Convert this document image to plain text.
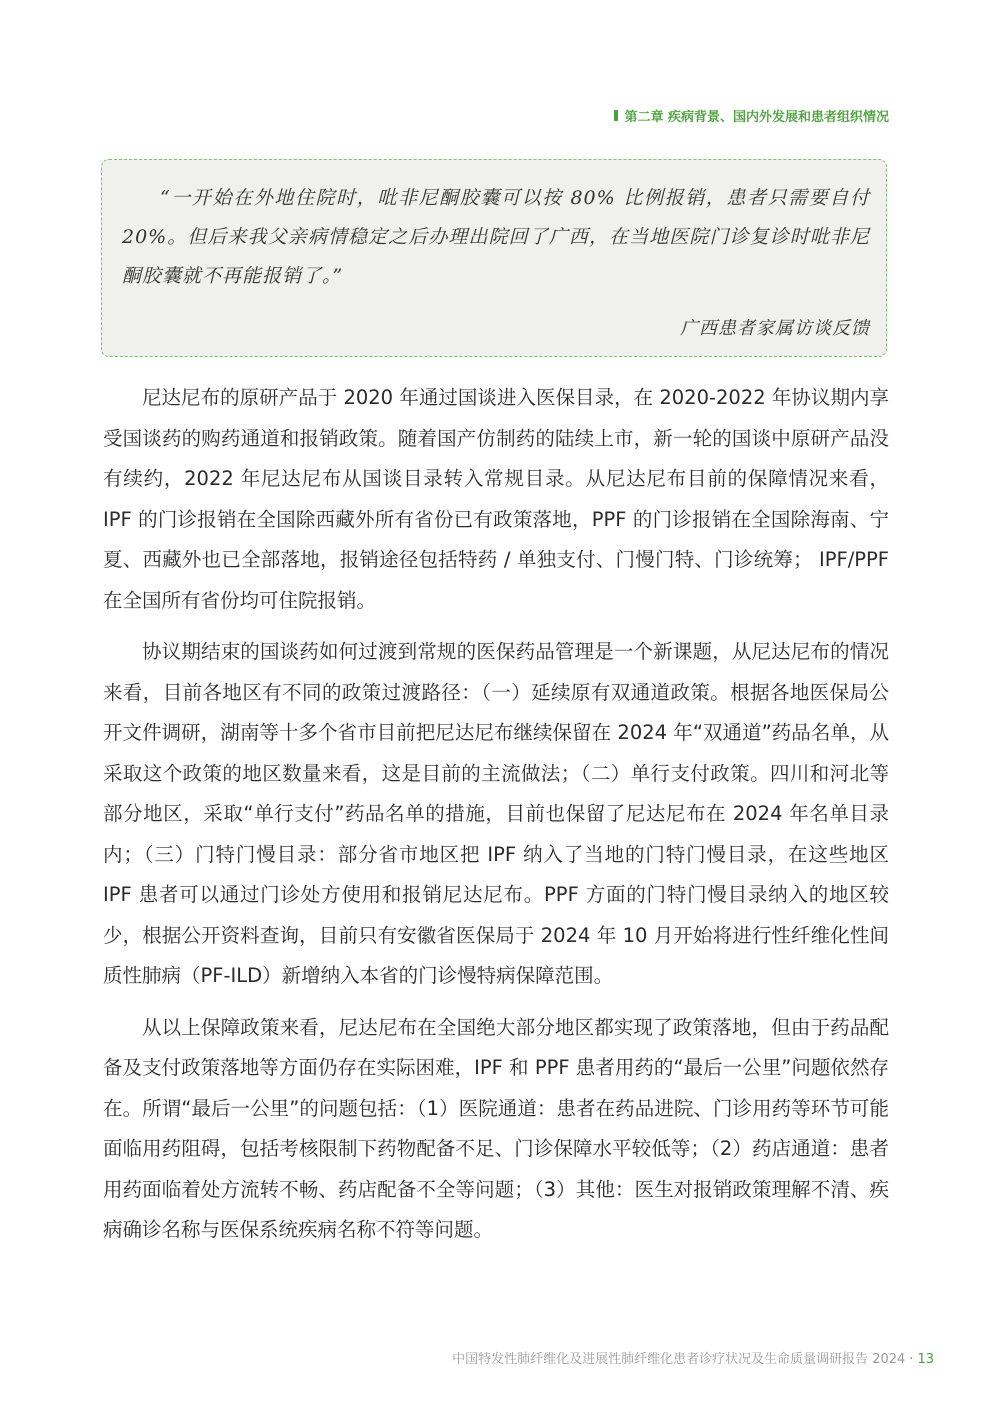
第二章 疾病背景、国内外发展和患者组织情况

“一开始在外地住院时，吡非尼酮胶囊可以按 80% 比例报销，患者只需要自付 20%。但后来我父亲病情稳定之后办理出院回了广西，在当地医院门诊复诊时吡非尼酮胶囊就不再能报销了。”

广西患者家属访谈反馈

尼达尼布的原研产品于 2020 年通过国谈进入医保目录，在 2020-2022 年协议期内享受国谈药的购药通道和报销政策。随着国产仿制药的陆续上市，新一轮的国谈中原研产品没有续约，2022 年尼达尼布从国谈目录转入常规目录。从尼达尼布目前的保障情况来看，IPF 的门诊报销在全国除西藏外所有省份已有政策落地，PPF 的门诊报销在全国除海南、宁夏、西藏外也已全部落地，报销途径包括特药 / 单独支付、门慢门特、门诊统筹； IPF/PPF 在全国所有省份均可住院报销。

协议期结束的国谈药如何过渡到常规的医保药品管理是一个新课题，从尼达尼布的情况来看，目前各地区有不同的政策过渡路径：（一）延续原有双通道政策。根据各地医保局公开文件调研，湖南等十多个省市目前把尼达尼布继续保留在 2024 年“双通道”药品名单，从采取这个政策的地区数量来看，这是目前的主流做法；（二）单行支付政策。四川和河北等部分地区，采取“单行支付”药品名单的措施，目前也保留了尼达尼布在 2024 年名单目录内；（三）门特门慢目录：部分省市地区把 IPF 纳入了当地的门特门慢目录，在这些地区 IPF 患者可以通过门诊处方使用和报销尼达尼布。PPF 方面的门特门慢目录纳入的地区较少，根据公开资料查询，目前只有安徽省医保局于 2024 年 10 月开始将进行性纤维化性间质性肺病（PF-ILD）新增纳入本省的门诊慢特病保障范围。

从以上保障政策来看，尼达尼布在全国绝大部分地区都实现了政策落地，但由于药品配备及支付政策落地等方面仍存在实际困难，IPF 和 PPF 患者用药的“最后一公里”问题依然存在。所谓“最后一公里”的问题包括：（1）医院通道：患者在药品进院、门诊用药等环节可能面临用药阻碍，包括考核限制下药物配备不足、门诊保障水平较低等；（2）药店通道：患者用药面临着处方流转不畅、药店配备不全等问题；（3）其他：医生对报销政策理解不清、疾病确诊名称与医保系统疾病名称不符等问题。

中国特发性肺纤维化及进展性肺纤维化患者诊疗状况及生命质量调研报告 2024 · 13
